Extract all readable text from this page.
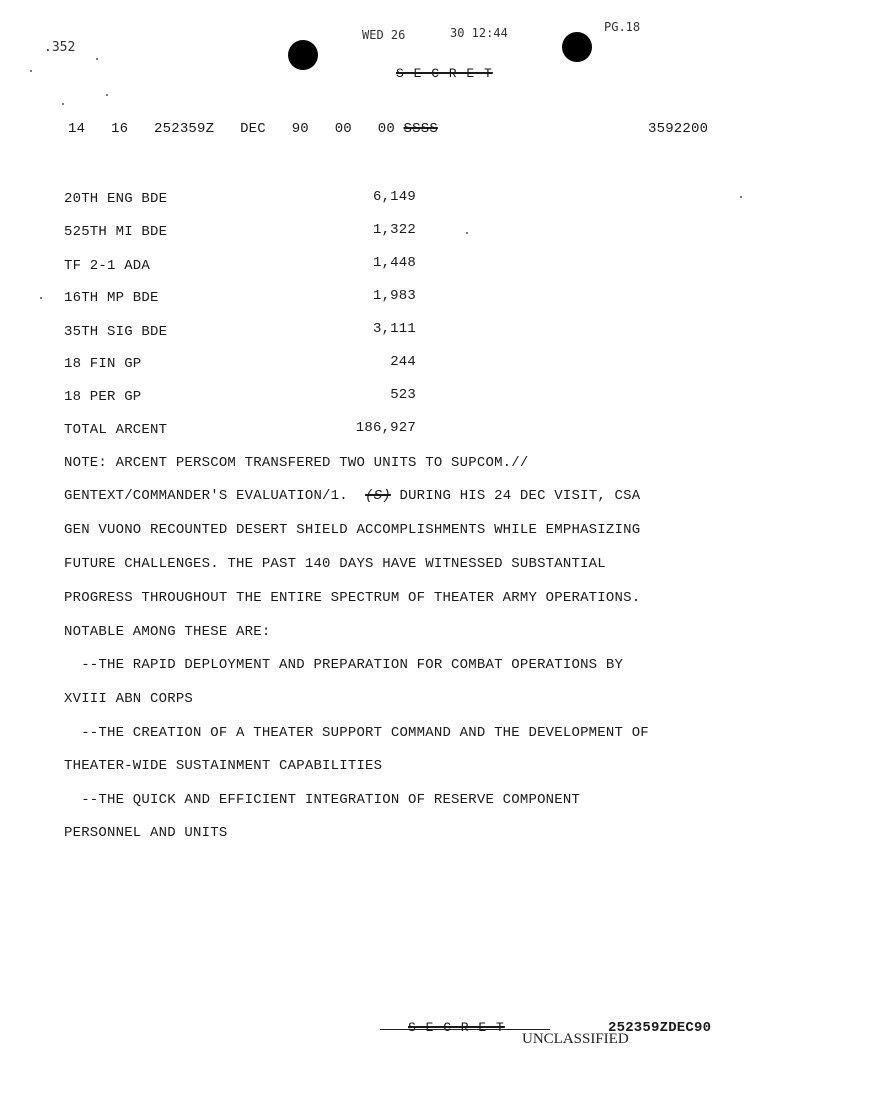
.352
WED 26	30 12:44	PG.18
S E C R E T
14 16 252359Z DEC 90 00 00 SSSS	3592200
20TH ENG BDE	6,149
525TH MI BDE	1,322
TF 2-1 ADA	1,448
16TH MP BDE	1,983
35TH SIG BDE	3,111
18 FIN GP	244
18 PER GP	523
TOTAL ARCENT	186,927
NOTE: ARCENT PERSCOM TRANSFERED TWO UNITS TO SUPCOM.//
GENTEXT/COMMANDER'S EVALUATION/1. (S) DURING HIS 24 DEC VISIT, CSA
GEN VUONO RECOUNTED DESERT SHIELD ACCOMPLISHMENTS WHILE EMPHASIZING
FUTURE CHALLENGES. THE PAST 140 DAYS HAVE WITNESSED SUBSTANTIAL
PROGRESS THROUGHOUT THE ENTIRE SPECTRUM OF THEATER ARMY OPERATIONS.
NOTABLE AMONG THESE ARE:
--THE RAPID DEPLOYMENT AND PREPARATION FOR COMBAT OPERATIONS BY
XVIII ABN CORPS
--THE CREATION OF A THEATER SUPPORT COMMAND AND THE DEVELOPMENT OF
THEATER-WIDE SUSTAINMENT CAPABILITIES
--THE QUICK AND EFFICIENT INTEGRATION OF RESERVE COMPONENT
PERSONNEL AND UNITS
S E C R E T	252359ZDEC90
UNCLASSIFIED
